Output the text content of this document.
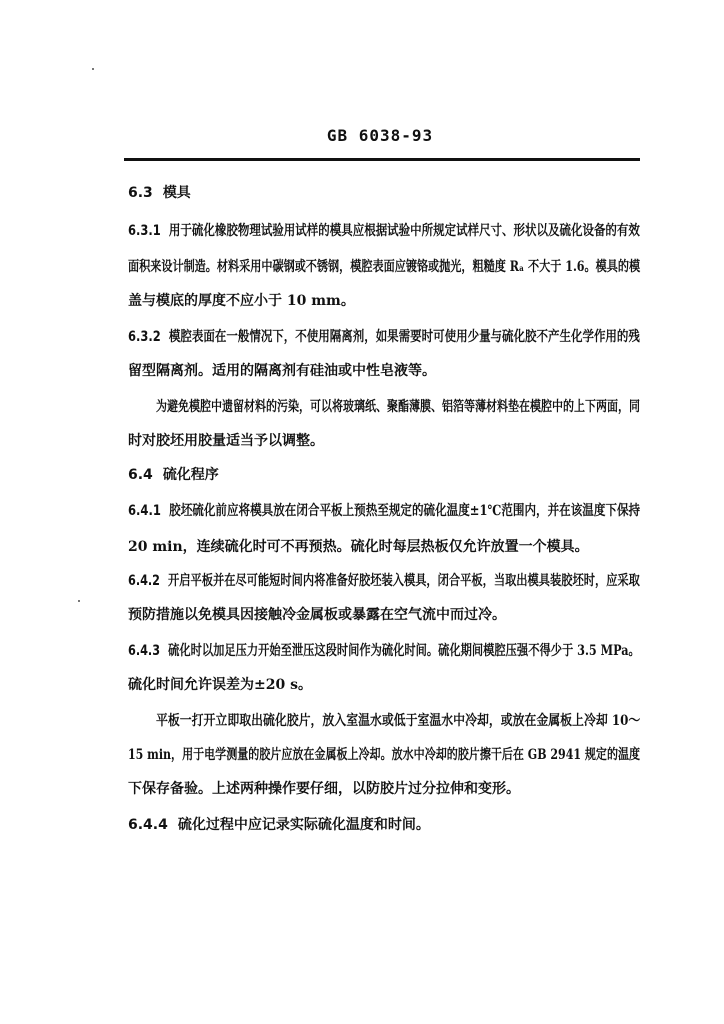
GB 6038-93
6.3 模具
6.3.1 用于硫化橡胶物理试验用试样的模具应根据试验中所规定试样尺寸、形状以及硫化设备的有效
面积来设计制造。材料采用中碳钢或不锈钢，模腔表面应镀铬或抛光，粗糙度 Rₐ 不大于 1.6。模具的模
盖与模底的厚度不应小于 10 mm。
6.3.2 模腔表面在一般情况下，不使用隔离剂，如果需要时可使用少量与硫化胶不产生化学作用的残
留型隔离剂。适用的隔离剂有硅油或中性皂液等。
为避免模腔中遗留材料的污染，可以将玻璃纸、聚酯薄膜、铝箔等薄材料垫在模腔中的上下两面，同
时对胶坯用胶量适当予以调整。
6.4 硫化程序
6.4.1 胶坯硫化前应将模具放在闭合平板上预热至规定的硫化温度±1℃范围内，并在该温度下保持
20 min，连续硫化时可不再预热。硫化时每层热板仅允许放置一个模具。
6.4.2 开启平板并在尽可能短时间内将准备好胶坯装入模具，闭合平板，当取出模具装胶坯时，应采取
预防措施以免模具因接触冷金属板或暴露在空气流中而过冷。
6.4.3 硫化时以加足压力开始至泄压这段时间作为硫化时间。硫化期间模腔压强不得少于 3.5 MPa。
硫化时间允许误差为±20 s。
平板一打开立即取出硫化胶片，放入室温水或低于室温水中冷却，或放在金属板上冷却 10～
15 min，用于电学测量的胶片应放在金属板上冷却。放水中冷却的胶片擦干后在 GB 2941 规定的温度
下保存备验。上述两种操作要仔细，以防胶片过分拉伸和变形。
6.4.4 硫化过程中应记录实际硫化温度和时间。
